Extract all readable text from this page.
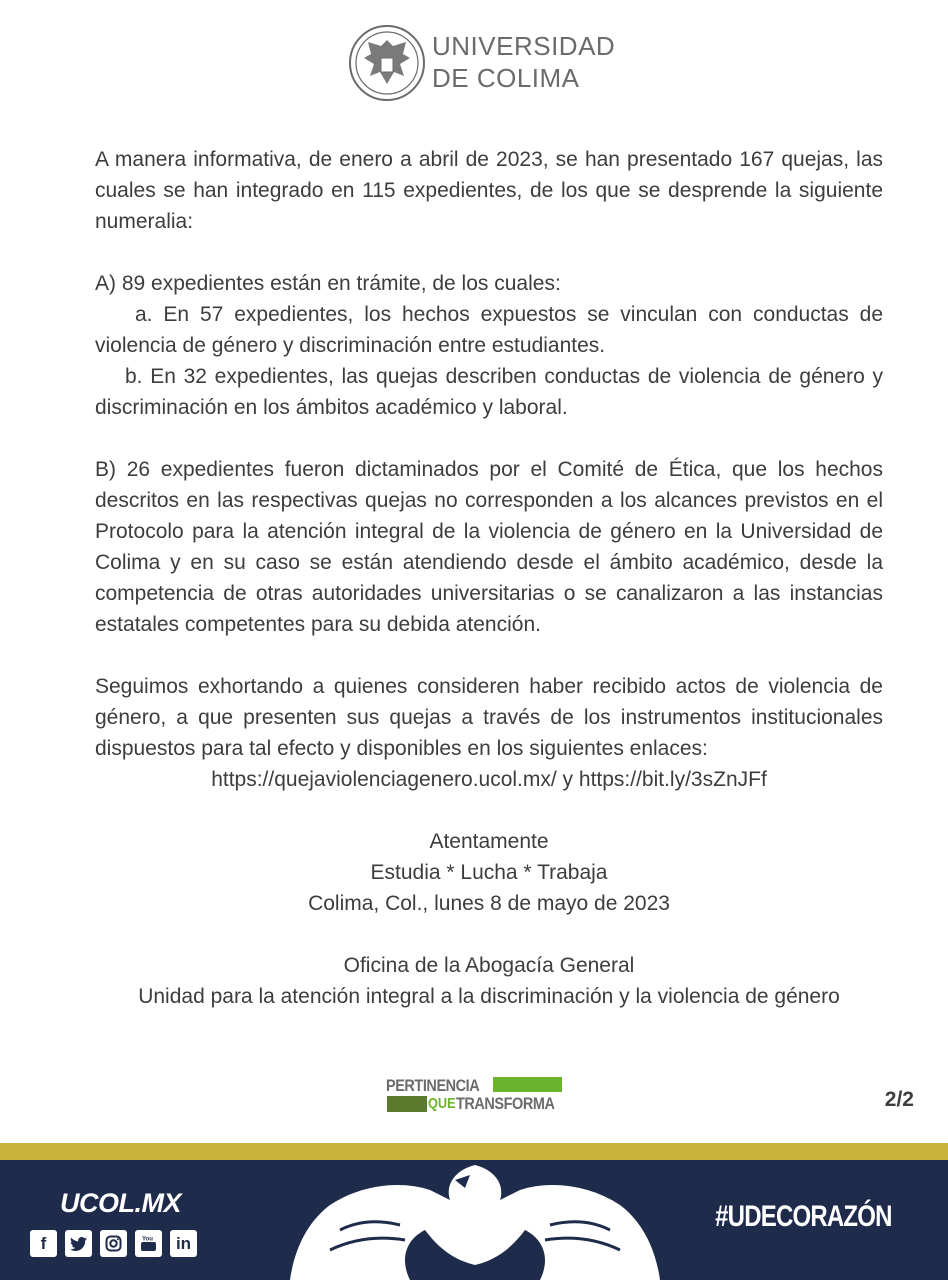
UNIVERSIDAD
DE COLIMA

A manera informativa, de enero a abril de 2023, se han presentado 167 quejas, las cuales se han integrado en 115 expedientes, de los que se desprende la siguiente numeralia:

A) 89 expedientes están en trámite, de los cuales:

a. En 57 expedientes, los hechos expuestos se vinculan con conductas de violencia de género y discriminación entre estudiantes.

b. En 32 expedientes, las quejas describen conductas de violencia de género y discriminación en los ámbitos académico y laboral.

B) 26 expedientes fueron dictaminados por el Comité de Ética, que los hechos descritos en las respectivas quejas no corresponden a los alcances previstos en el Protocolo para la atención integral de la violencia de género en la Universidad de Colima y en su caso se están atendiendo desde el ámbito académico, desde la competencia de otras autoridades universitarias o se canalizaron a las instancias estatales competentes para su debida atención.

Seguimos exhortando a quienes consideren haber recibido actos de violencia de género, a que presenten sus quejas a través de los instrumentos institucionales dispuestos para tal efecto y disponibles en los siguientes enlaces:

https://quejaviolenciagenero.ucol.mx/ y https://bit.ly/3sZnJFf

Atentamente
Estudia * Lucha * Trabaja
Colima, Col., lunes 8 de mayo de 2023
Oficina de la Abogacía General
Unidad para la atención integral a la discriminación y la violencia de género
PERTINENCIA
QUE TRANSFORMA	2/2
UCOL.MX
f	You	in
#UDECORAZÓN
